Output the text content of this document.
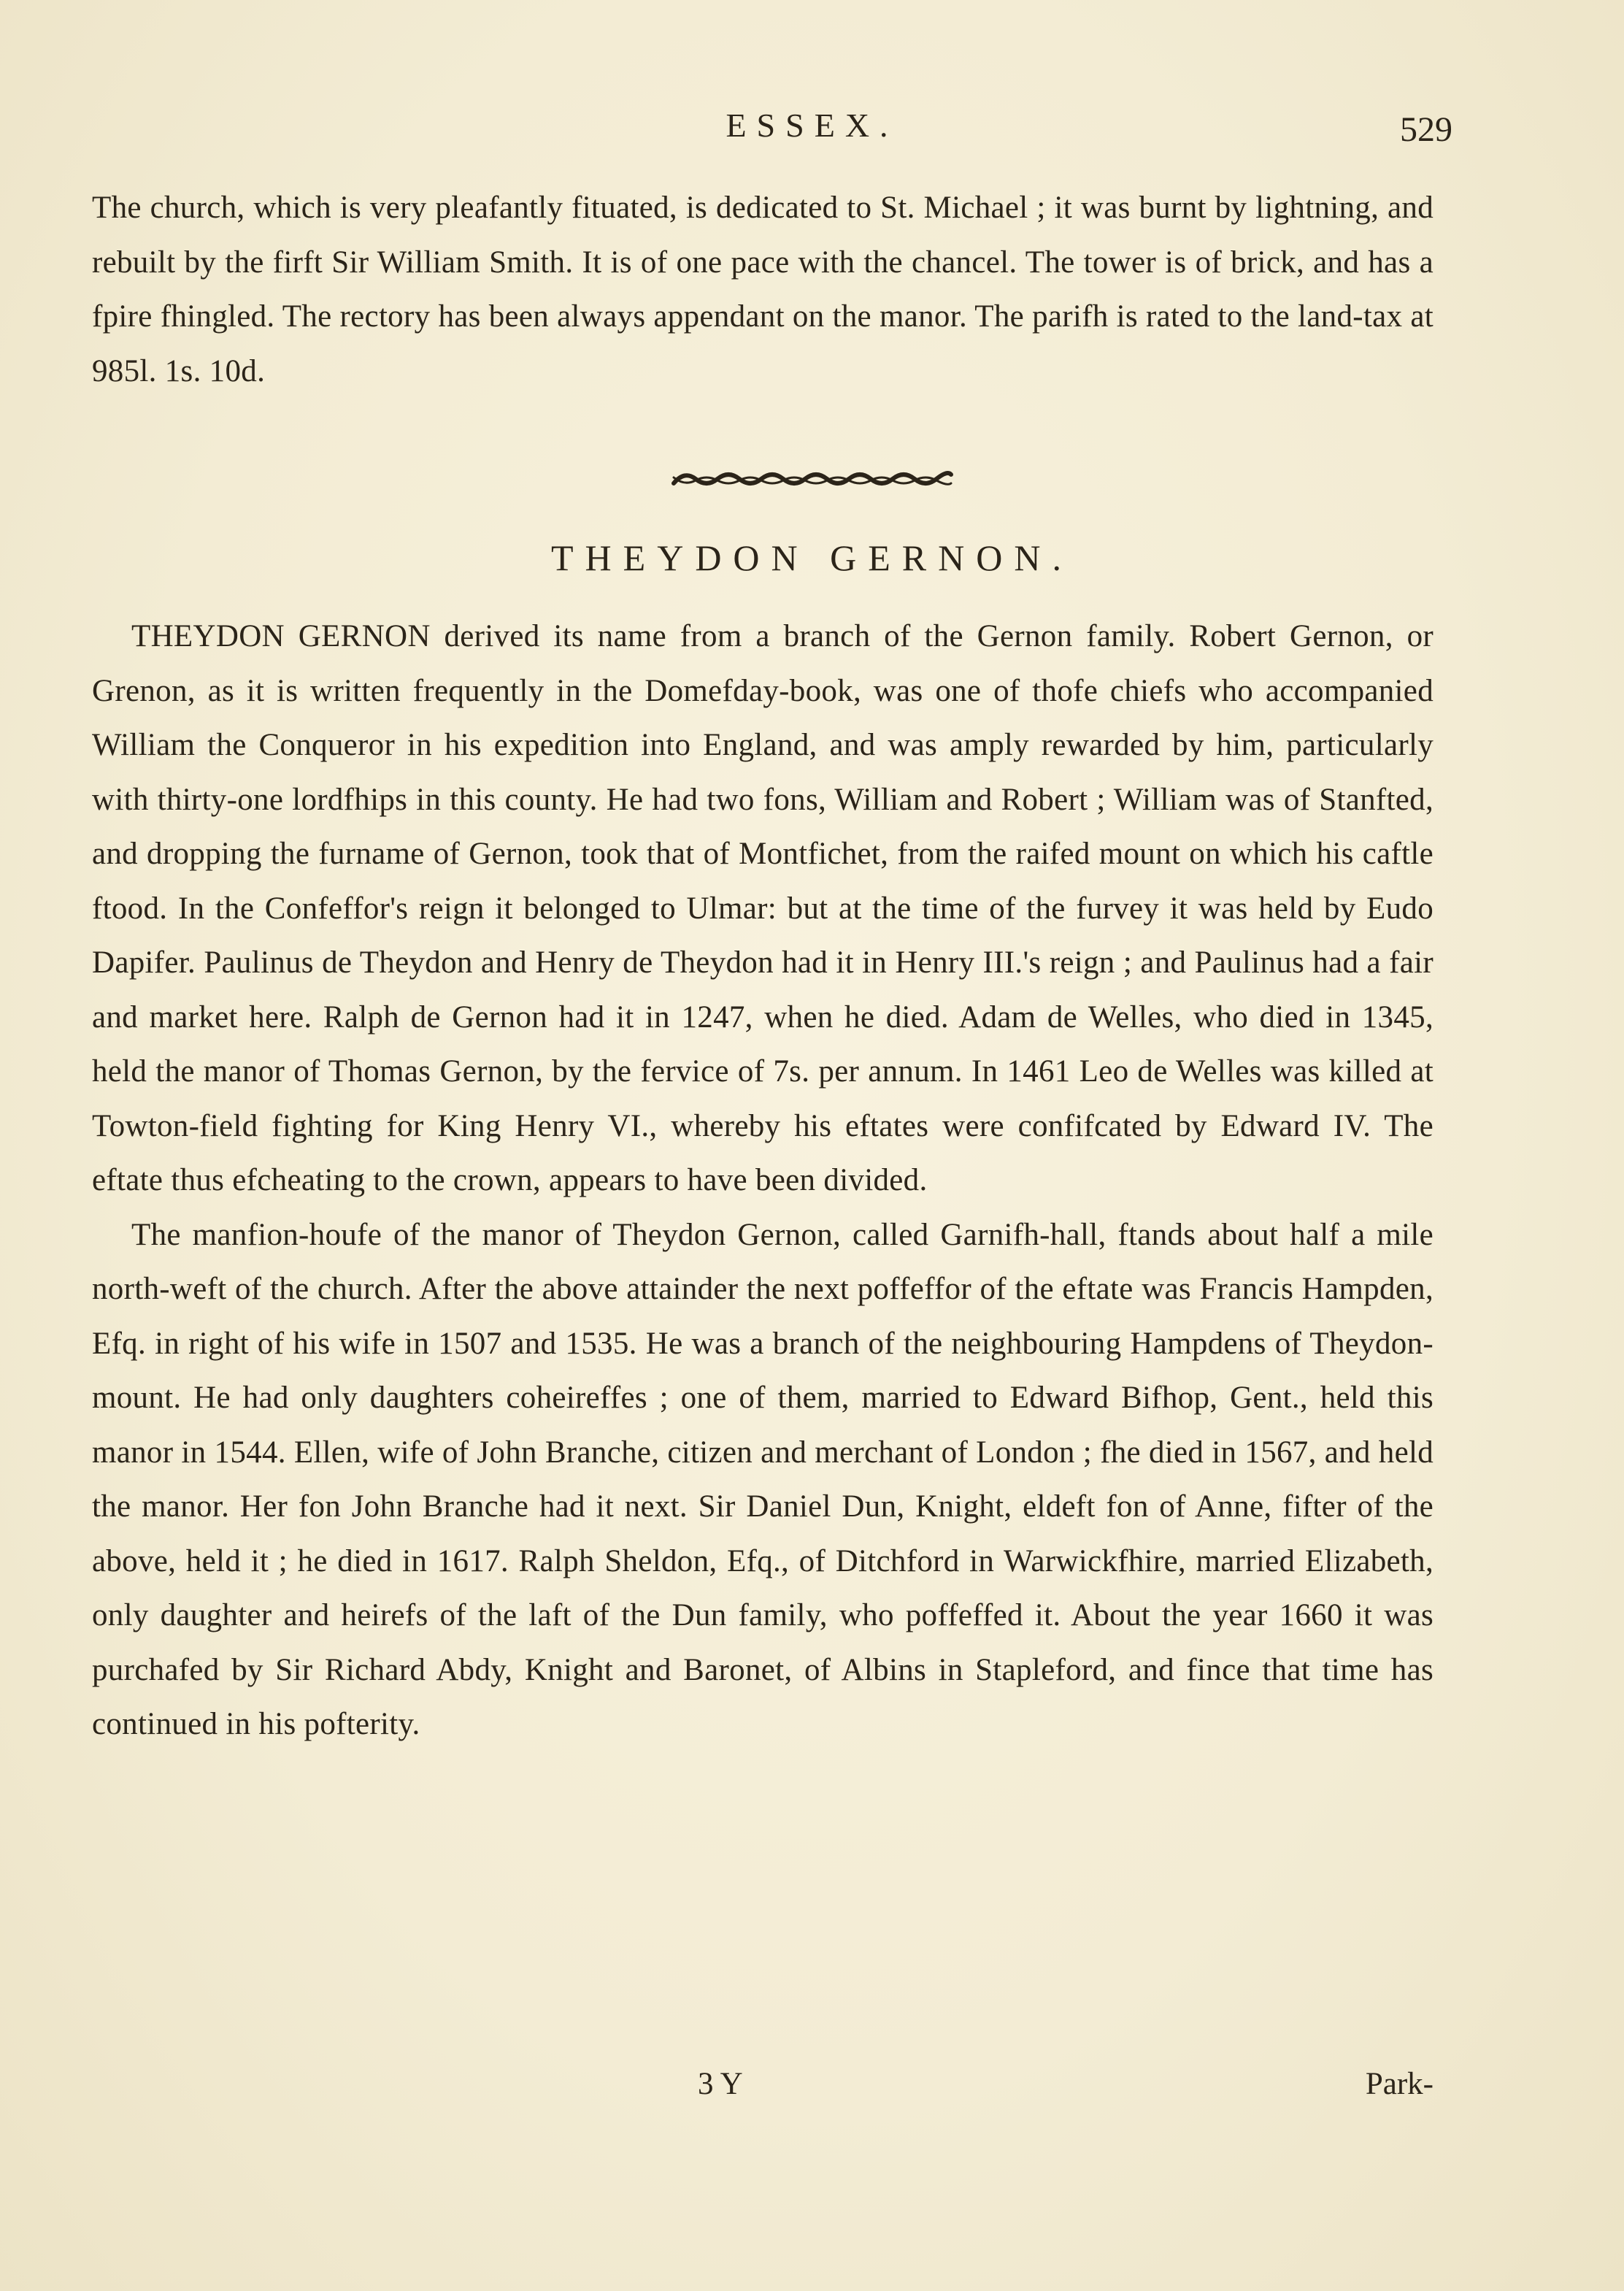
ESSEX.	529

The church, which is very pleafantly fituated, is dedicated to St. Michael ; it was burnt by lightning, and rebuilt by the firft Sir William Smith. It is of one pace with the chancel. The tower is of brick, and has a fpire fhingled. The rectory has been always appendant on the manor. The parifh is rated to the land-tax at 985l. 1s. 10d.

THEYDON GERNON.

THEYDON GERNON derived its name from a branch of the Gernon family. Robert Gernon, or Grenon, as it is written frequently in the Domefday-book, was one of thofe chiefs who accompanied William the Conqueror in his expedition into England, and was amply rewarded by him, particularly with thirty-one lordfhips in this county. He had two fons, William and Robert ; William was of Stanfted, and dropping the furname of Gernon, took that of Montfichet, from the raifed mount on which his caftle ftood. In the Confeffor's reign it belonged to Ulmar: but at the time of the furvey it was held by Eudo Dapifer. Paulinus de Theydon and Henry de Theydon had it in Henry III.'s reign ; and Paulinus had a fair and market here. Ralph de Gernon had it in 1247, when he died. Adam de Welles, who died in 1345, held the manor of Thomas Gernon, by the fervice of 7s. per annum. In 1461 Leo de Welles was killed at Towton-field fighting for King Henry VI., whereby his eftates were confifcated by Edward IV. The eftate thus efcheating to the crown, appears to have been divided.

The manfion-houfe of the manor of Theydon Gernon, called Garnifh-hall, ftands about half a mile north-weft of the church. After the above attainder the next poffeffor of the eftate was Francis Hampden, Efq. in right of his wife in 1507 and 1535. He was a branch of the neighbouring Hampdens of Theydon-mount. He had only daughters coheireffes ; one of them, married to Edward Bifhop, Gent., held this manor in 1544. Ellen, wife of John Branche, citizen and merchant of London ; fhe died in 1567, and held the manor. Her fon John Branche had it next. Sir Daniel Dun, Knight, eldeft fon of Anne, fifter of the above, held it ; he died in 1617. Ralph Sheldon, Efq., of Ditchford in Warwickfhire, married Elizabeth, only daughter and heirefs of the laft of the Dun family, who poffeffed it. About the year 1660 it was purchafed by Sir Richard Abdy, Knight and Baronet, of Albins in Stapleford, and fince that time has continued in his pofterity.

3 Y	Park-
